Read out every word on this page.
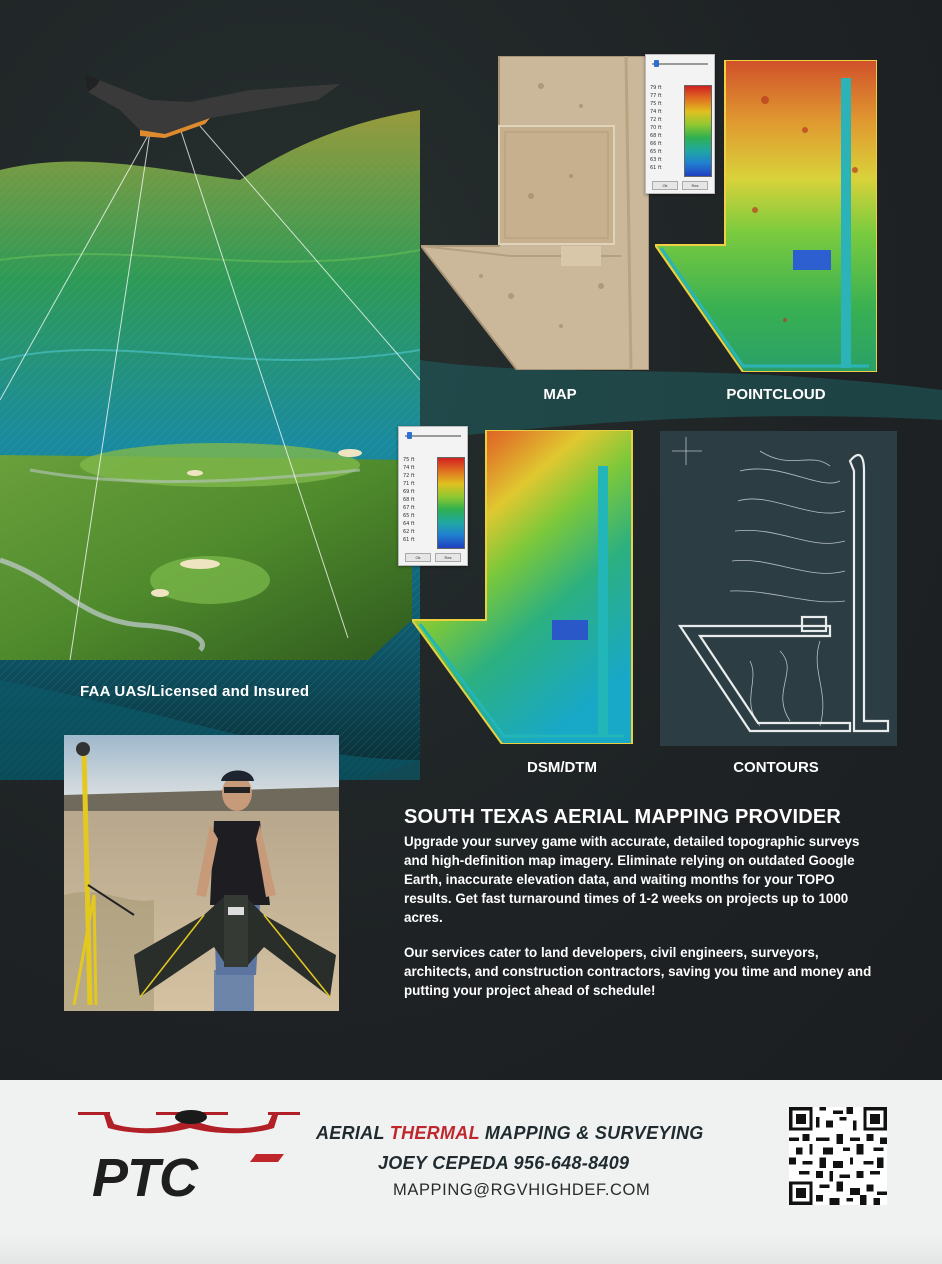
FAA UAS/Licensed and Insured
MAP	POINTCLOUD
79 ft
77 ft
75 ft
74 ft
72 ft
70 ft
68 ft
66 ft
65 ft
63 ft
61 ft
Ok	Res
DSM/DTM
75 ft
74 ft
72 ft
71 ft
69 ft
68 ft
67 ft
65 ft
64 ft
62 ft
61 ft
Ok	Res
CONTOURS
SOUTH TEXAS AERIAL MAPPING PROVIDER
Upgrade your survey game with accurate, detailed topographic surveys and high-definition map imagery. Eliminate relying on outdated Google Earth, inaccurate elevation data, and waiting months for your TOPO results. Get fast turnaround times of 1-2 weeks on projects up to 1000 acres.
Our services cater to land developers, civil engineers, surveyors, architects, and construction contractors, saving you time and money and putting your project ahead of schedule!
PTC
AERIAL THERMAL MAPPING & SURVEYING
JOEY CEPEDA 956-648-8409
MAPPING@RGVHIGHDEF.COM
